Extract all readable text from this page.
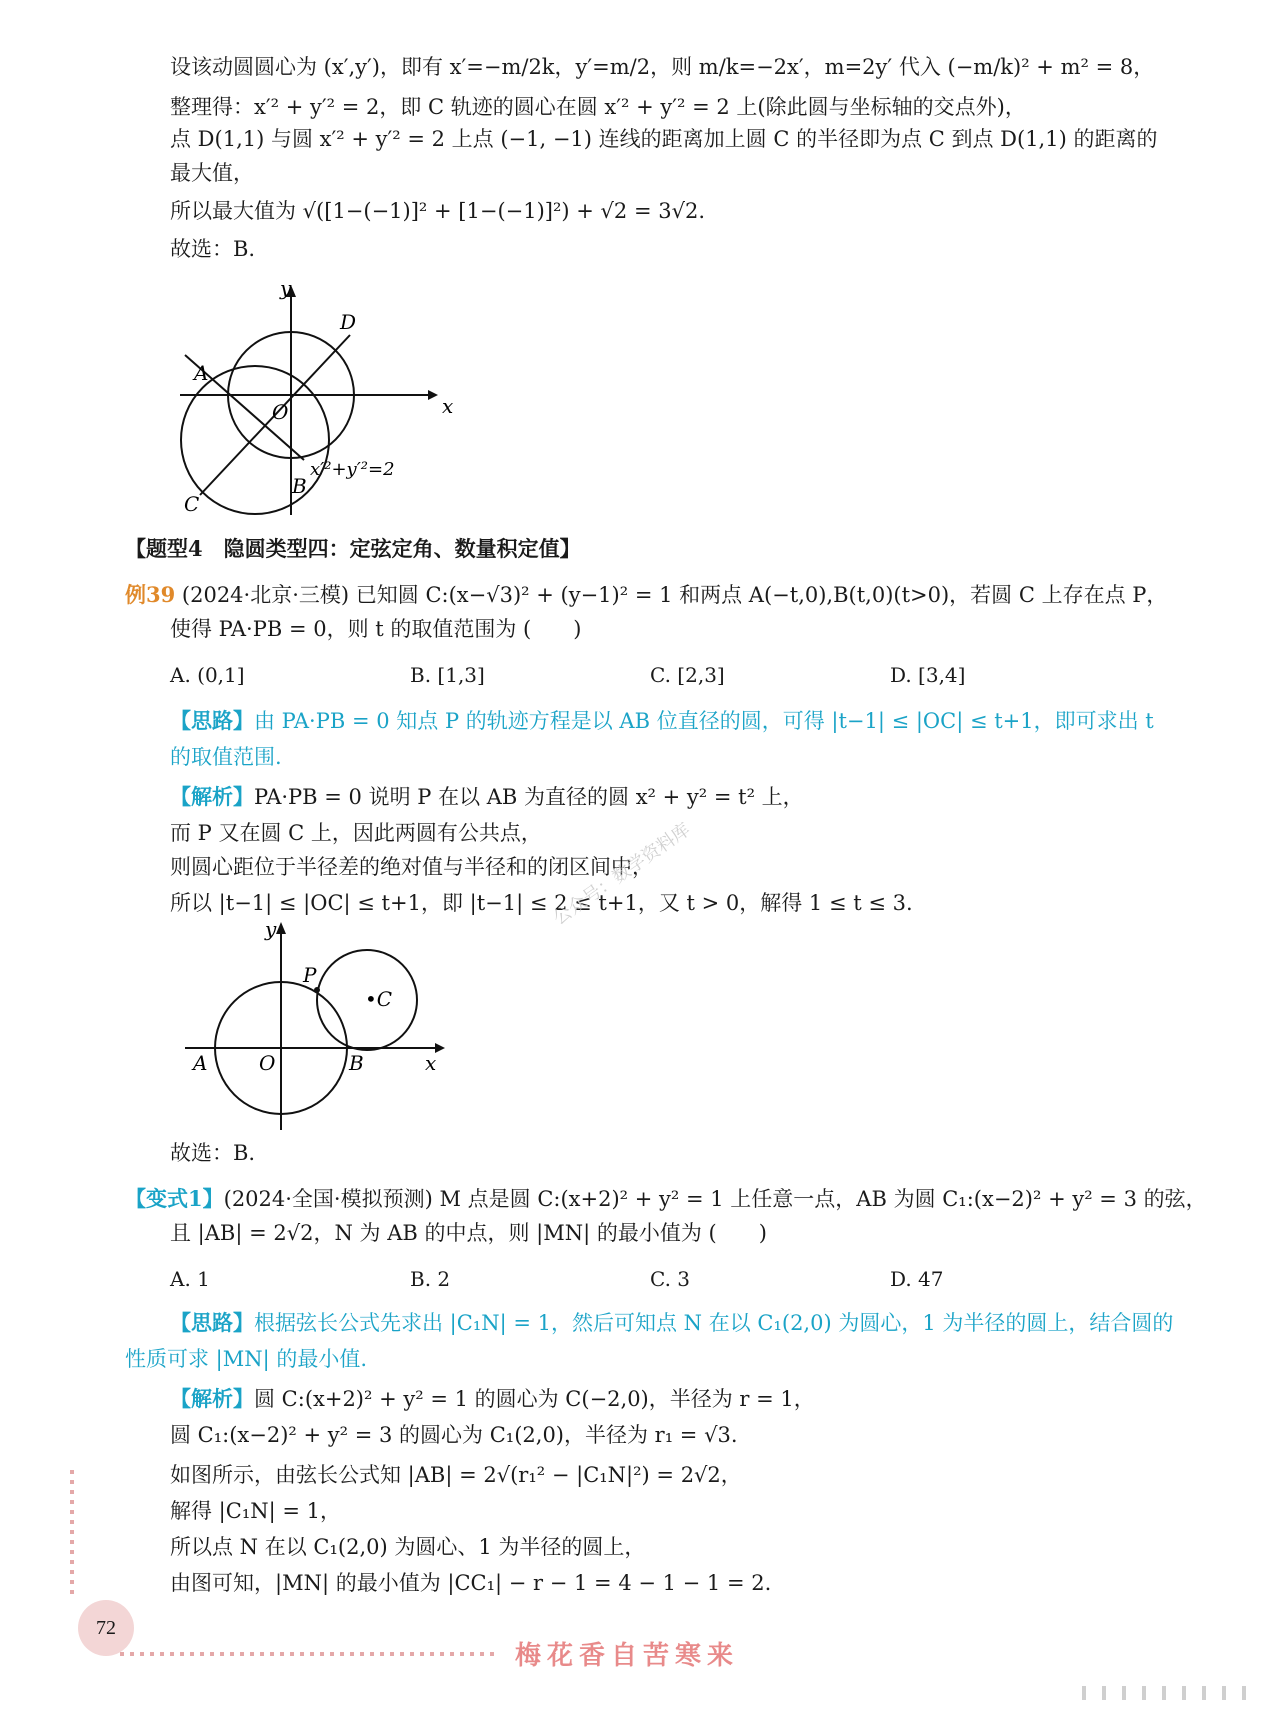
设该动圆圆心为 (x′,y′)，即有 x′=−m/2k，y′=m/2，则 m/k=−2x′，m=2y′ 代入 (−m/k)² + m² = 8，
整理得：x′² + y′² = 2，即 C 轨迹的圆心在圆 x′² + y′² = 2 上(除此圆与坐标轴的交点外)，
点 D(1,1) 与圆 x′² + y′² = 2 上点 (−1, −1) 连线的距离加上圆 C 的半径即为点 C 到点 D(1,1) 的距离的
最大值，
所以最大值为 √([1−(−1)]² + [1−(−1)]²) + √2 = 3√2.
故选：B.
y
x
A
D
O
B
C
x′²+y′²=2
【题型4　隐圆类型四：定弦定角、数量积定值】
例39 (2024·北京·三模) 已知圆 C:(x−√3)² + (y−1)² = 1 和两点 A(−t,0),B(t,0)(t>0)，若圆 C 上存在点 P，
使得 PA·PB = 0，则 t 的取值范围为 (　　)
A. (0,1]	B. [1,3]	C. [2,3]	D. [3,4]
【思路】由 PA·PB = 0 知点 P 的轨迹方程是以 AB 位直径的圆，可得 |t−1| ≤ |OC| ≤ t+1，即可求出 t
的取值范围.
【解析】PA·PB = 0 说明 P 在以 AB 为直径的圆 x² + y² = t² 上，
而 P 又在圆 C 上，因此两圆有公共点，
则圆心距位于半径差的绝对值与半径和的闭区间中，
所以 |t−1| ≤ |OC| ≤ t+1，即 |t−1| ≤ 2 ≤ t+1，又 t > 0，解得 1 ≤ t ≤ 3.
y
x
P
•C
A	O	B
故选：B.
【变式1】(2024·全国·模拟预测) M 点是圆 C:(x+2)² + y² = 1 上任意一点，AB 为圆 C₁:(x−2)² + y² = 3 的弦，
且 |AB| = 2√2，N 为 AB 的中点，则 |MN| 的最小值为 (　　)
A. 1	B. 2	C. 3	D. 47
【思路】根据弦长公式先求出 |C₁N| = 1，然后可知点 N 在以 C₁(2,0) 为圆心，1 为半径的圆上，结合圆的
性质可求 |MN| 的最小值.
【解析】圆 C:(x+2)² + y² = 1 的圆心为 C(−2,0)，半径为 r = 1，
圆 C₁:(x−2)² + y² = 3 的圆心为 C₁(2,0)，半径为 r₁ = √3.
如图所示，由弦长公式知 |AB| = 2√(r₁² − |C₁N|²) = 2√2，
解得 |C₁N| = 1，
所以点 N 在以 C₁(2,0) 为圆心、1 为半径的圆上，
由图可知，|MN| 的最小值为 |CC₁| − r − 1 = 4 − 1 − 1 = 2.
公众号：数学资料库
72
梅花香自苦寒来
